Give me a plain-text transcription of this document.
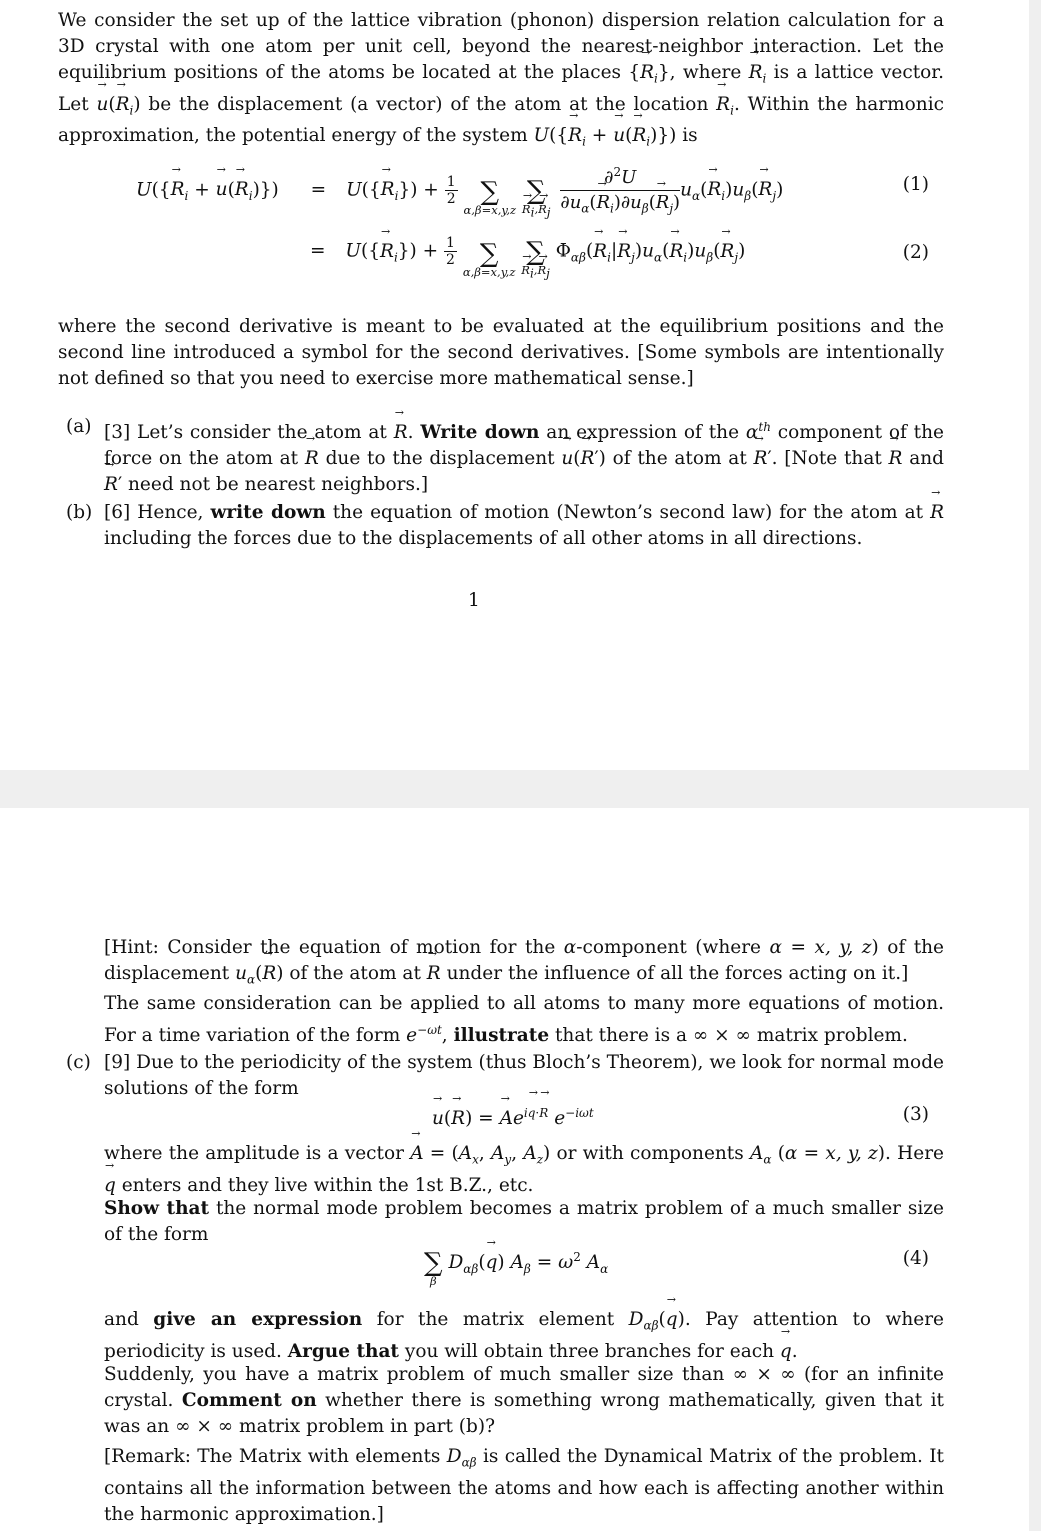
We consider the set up of the lattice vibration (phonon) dispersion relation calculation for a 3D crystal with one atom per unit cell, beyond the nearest-neighbor interaction. Let the equilibrium positions of the atoms be located at the places {→ $R_i$}, where → $R_i$ is a lattice vector. Let → $u(\to R_i)$ be the displacement (a vector) of the atom at the location → $R_i$. Within the harmonic approximation, the potential energy of the system $U(\{\to R_i$ + → $u(\to R_i)$}) is
$U(\{\to R_i$ + → $u(\to R_i)\}) = U(\{\to R_i\}) + \frac{1}{2}$
∑
α,β=x,y,z

∑
→ $R_i,\to R_j$
$\frac{\partial^2U}{\partial u_\alpha(\to R_i)\partial u_\beta(\to R_j)} u_\alpha(\to R_i)u_\beta(\to R_j)$	(1)
= $U(\{\to R_i\}) + \frac{1}{2}$
∑
α,β=x,y,z

∑
→ $R_i,\to R_j$
$\Phi_{\alpha\beta}(\to R_i|\to R_j)u_\alpha(\to R_i)u_\beta(\to R_j)$	(2)
where the second derivative is meant to be evaluated at the equilibrium positions and the second line introduced a symbol for the second derivatives. [Some symbols are intentionally not defined so that you need to exercise more mathematical sense.]
(a) [3] Let’s consider the atom at → R. Write down an expression of the $\alpha^{th}$ component of the force on the atom at → R due to the displacement → u(→ R′) of the atom at → R′. [Note that → R and → R′ need not be nearest neighbors.]
(b) [6] Hence, write down the equation of motion (Newton’s second law) for the atom at → R including the forces due to the displacements of all other atoms in all directions.
1
[Hint: Consider the equation of motion for the α-component (where α = x, y, z) of the displacement $u_\alpha(\to R)$ of the atom at → R under the influence of all the forces acting on it.]
The same consideration can be applied to all atoms to many more equations of motion. For a time variation of the form $e^{-\omega t}$, illustrate that there is a ∞ × ∞ matrix problem.
(c) [9] Due to the periodicity of the system (thus Bloch’s Theorem), we look for normal mode solutions of the form
→ u(→ R) = → $Ae^{i\to q\cdot\to R}$ $e^{-i\omega t}$	(3)
where the amplitude is a vector → $A = (A_x$, $A_y$, $A_z$) or with components $A_\alpha$ (α = x, y, z). Here → q enters and they live within the 1st B.Z., etc.
Show that the normal mode problem becomes a matrix problem of a much smaller size of the form
∑
β
$D_{\alpha\beta}(\to q) A_\beta = \omega^2$ $A_\alpha$	(4)
and give an expression for the matrix element $D_{\alpha\beta}(\to q)$. Pay attention to where periodicity is used. Argue that you will obtain three branches for each → q.
Suddenly, you have a matrix problem of much smaller size than ∞ × ∞ (for an infinite crystal. Comment on whether there is something wrong mathematically, given that it was an ∞ × ∞ matrix problem in part (b)?
[Remark: The Matrix with elements $D_{\alpha\beta}$ is called the Dynamical Matrix of the problem. It contains all the information between the atoms and how each is affecting another within the harmonic approximation.]
